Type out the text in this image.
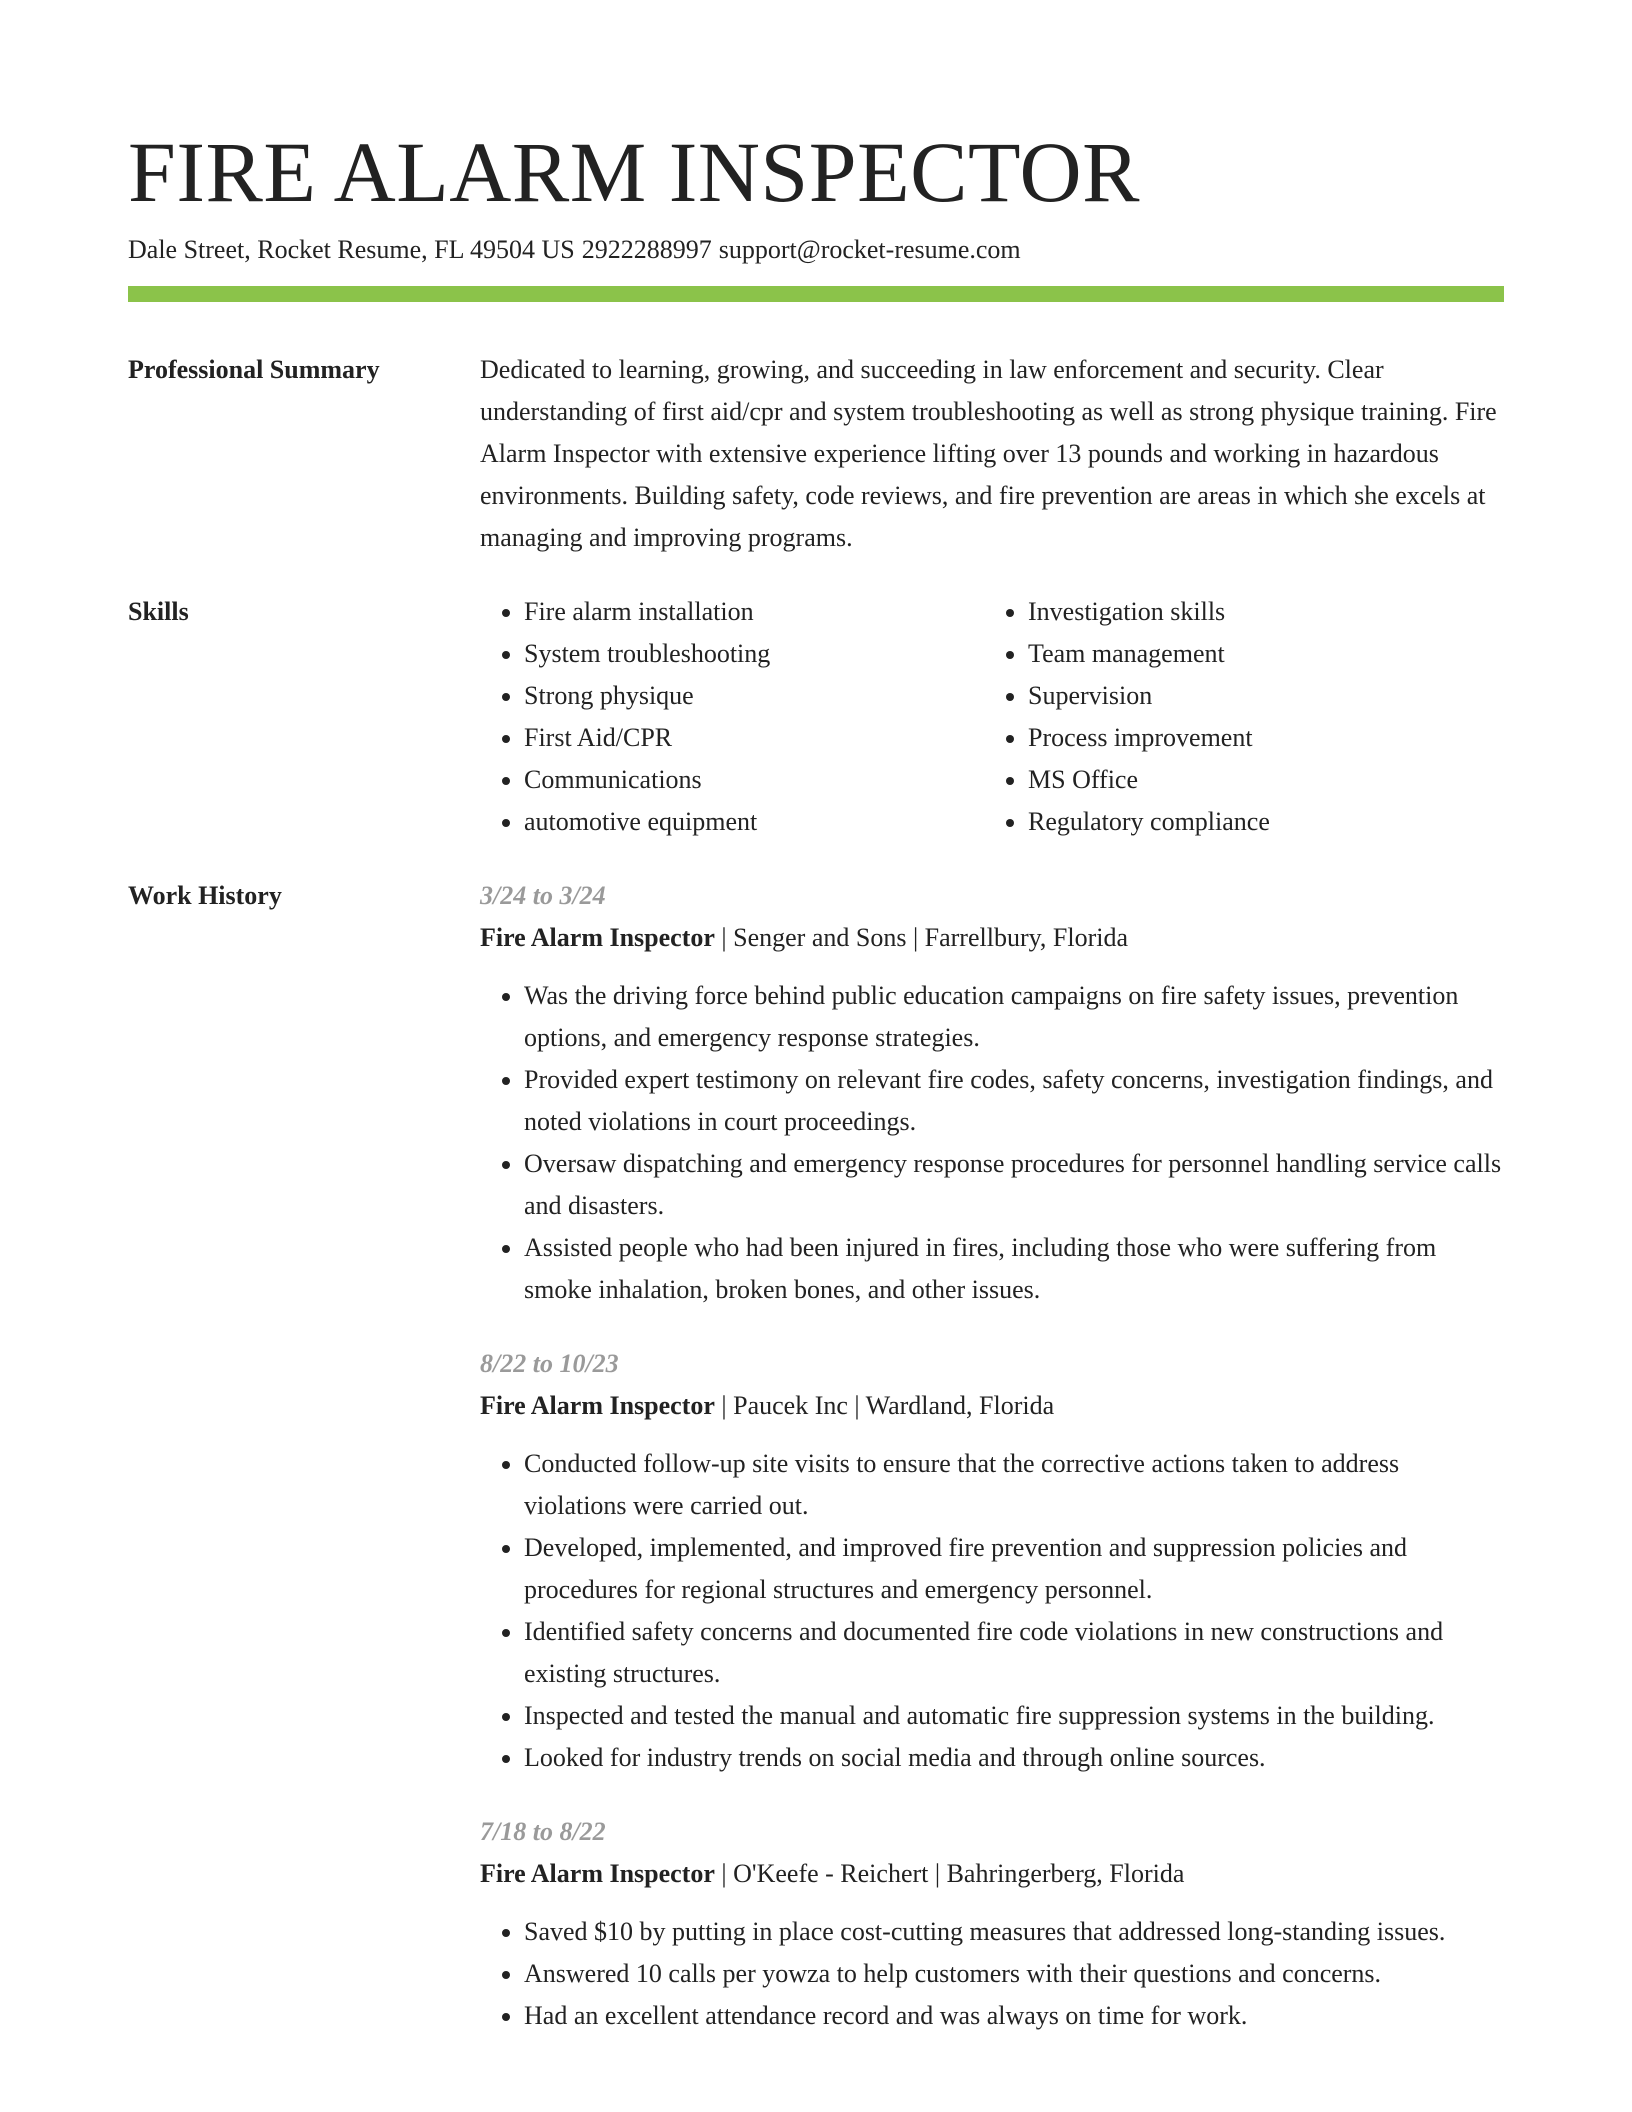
FIRE ALARM INSPECTOR
Dale Street, Rocket Resume, FL 49504 US 2922288997 support@rocket-resume.com
Professional Summary	Dedicated to learning, growing, and succeeding in law enforcement and security. Clear understanding of first aid/cpr and system troubleshooting as well as strong physique training. Fire Alarm Inspector with extensive experience lifting over 13 pounds and working in hazardous environments. Building safety, code reviews, and fire prevention are areas in which she excels at managing and improving programs.

Skills
•	Fire alarm installation
• System troubleshooting
• Strong physique
• First Aid/CPR
• Communications
• automotive equipment
• Investigation skills
• Team management
• Supervision
• Process improvement
• MS Office
• Regulatory compliance
Work History	3/24 to 3/24
Fire Alarm Inspector | Senger and Sons | Farrellbury, Florida
• Was the driving force behind public education campaigns on fire safety issues, prevention options, and emergency response strategies.
• Provided expert testimony on relevant fire codes, safety concerns, investigation findings, and noted violations in court proceedings.
• Oversaw dispatching and emergency response procedures for personnel handling service calls and disasters.
• Assisted people who had been injured in fires, including those who were suffering from smoke inhalation, broken bones, and other issues.
8/22 to 10/23
Fire Alarm Inspector | Paucek Inc | Wardland, Florida
• Conducted follow-up site visits to ensure that the corrective actions taken to address violations were carried out.
• Developed, implemented, and improved fire prevention and suppression policies and procedures for regional structures and emergency personnel.
• Identified safety concerns and documented fire code violations in new constructions and existing structures.
• Inspected and tested the manual and automatic fire suppression systems in the building.
• Looked for industry trends on social media and through online sources.
7/18 to 8/22
Fire Alarm Inspector | O'Keefe - Reichert | Bahringerberg, Florida
• Saved $10 by putting in place cost-cutting measures that addressed long-standing issues.
• Answered 10 calls per yowza to help customers with their questions and concerns.
• Had an excellent attendance record and was always on time for work.
